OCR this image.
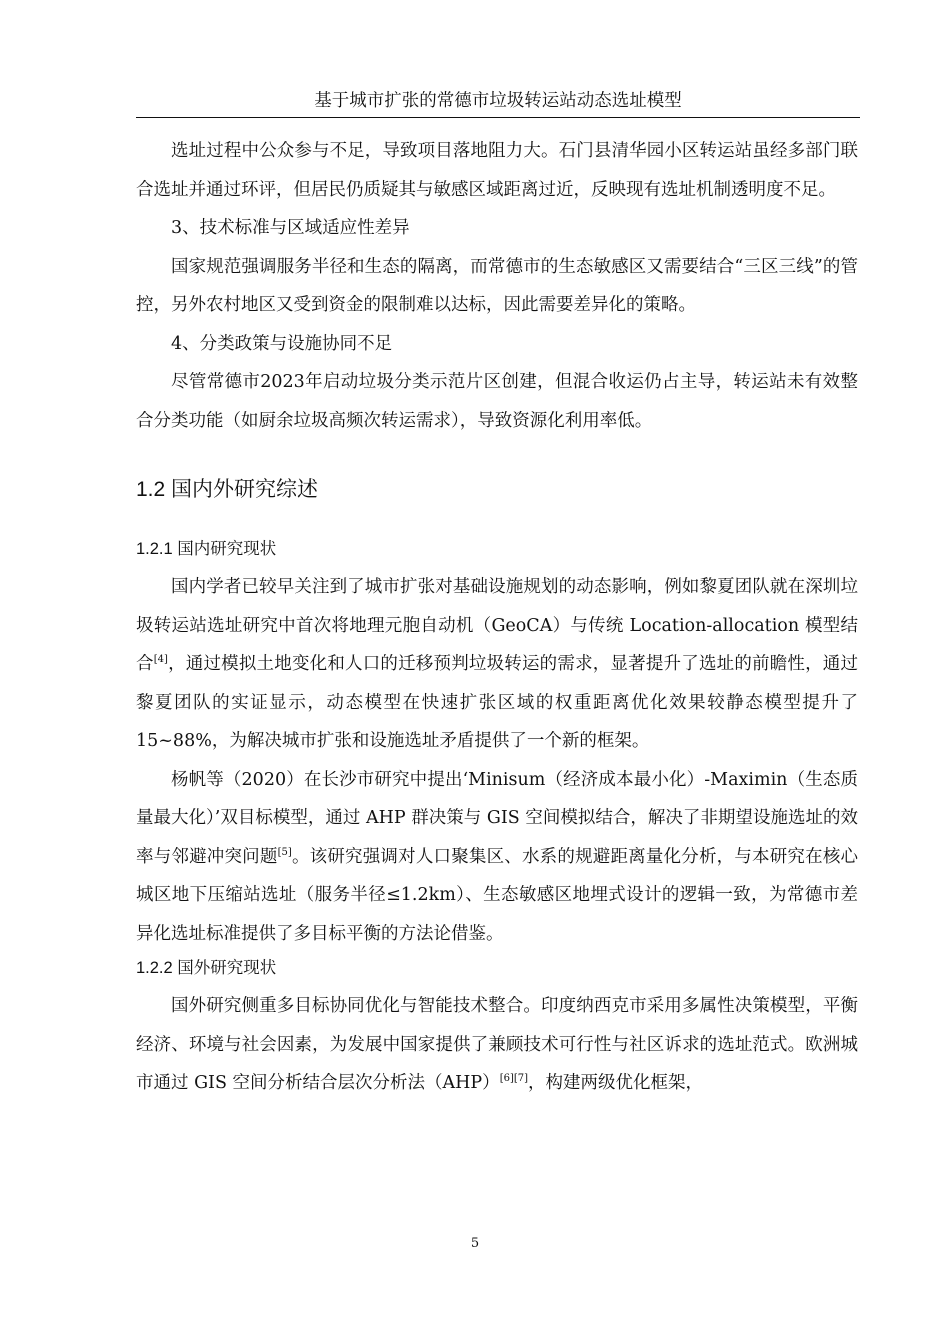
基于城市扩张的常德市垃圾转运站动态选址模型

选址过程中公众参与不足，导致项目落地阻力大。石门县清华园小区转运站虽经多部门联合选址并通过环评，但居民仍质疑其与敏感区域距离过近，反映现有选址机制透明度不足。

3、技术标准与区域适应性差异

国家规范强调服务半径和生态的隔离，而常德市的生态敏感区又需要结合“三区三线”的管控，另外农村地区又受到资金的限制难以达标，因此需要差异化的策略。

4、分类政策与设施协同不足

尽管常德市2023年启动垃圾分类示范片区创建，但混合收运仍占主导，转运站未有效整合分类功能（如厨余垃圾高频次转运需求），导致资源化利用率低。

1.2 国内外研究综述
1.2.1 国内研究现状

国内学者已较早关注到了城市扩张对基础设施规划的动态影响，例如黎夏团队就在深圳垃圾转运站选址研究中首次将地理元胞自动机（GeoCA）与传统 Location-allocation 模型结合[4]，通过模拟土地变化和人口的迁移预判垃圾转运的需求，显著提升了选址的前瞻性，通过黎夏团队的实证显示，动态模型在快速扩张区域的权重距离优化效果较静态模型提升了 15~88%，为解决城市扩张和设施选址矛盾提供了一个新的框架。

杨帆等（2020）在长沙市研究中提出‘Minisum（经济成本最小化）-Maximin（生态质量最大化）’双目标模型，通过 AHP 群决策与 GIS 空间模拟结合，解决了非期望设施选址的效率与邻避冲突问题[5]。该研究强调对人口聚集区、水系的规避距离量化分析，与本研究在核心城区地下压缩站选址（服务半径≤1.2km）、生态敏感区地埋式设计的逻辑一致，为常德市差异化选址标准提供了多目标平衡的方法论借鉴。

1.2.2 国外研究现状

国外研究侧重多目标协同优化与智能技术整合。印度纳西克市采用多属性决策模型，平衡经济、环境与社会因素，为发展中国家提供了兼顾技术可行性与社区诉求的选址范式。欧洲城市通过 GIS 空间分析结合层次分析法（AHP）[6][7]，构建两级优化框架，

5
